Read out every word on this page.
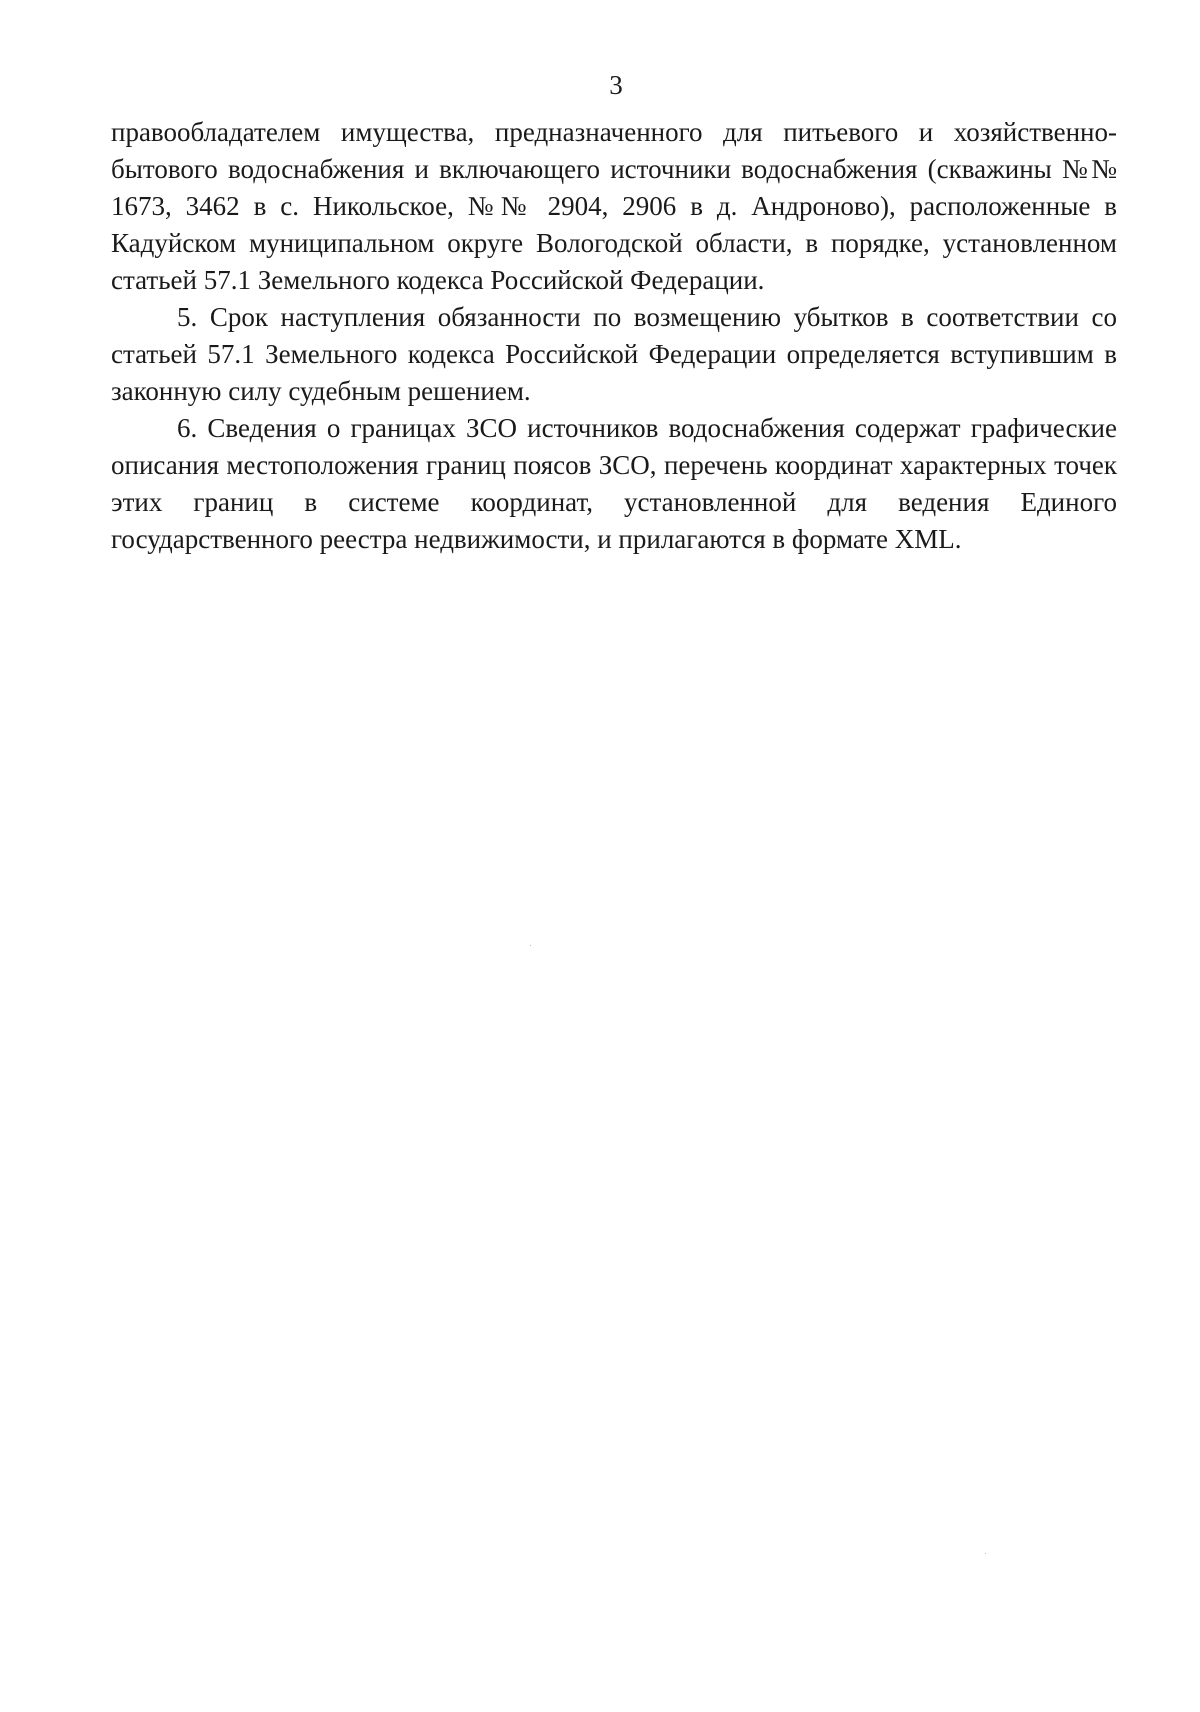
3

правообладателем имущества, предназначенного для питьевого и хозяйственно-бытового водоснабжения и включающего источники водоснабжения (скважины №№ 1673, 3462 в с. Никольское, №№ 2904, 2906 в д. Андроново), расположенные в Кадуйском муниципальном округе Вологодской области, в порядке, установленном статьей 57.1 Земельного кодекса Российской Федерации.

5. Срок наступления обязанности по возмещению убытков в соответствии со статьей 57.1 Земельного кодекса Российской Федерации определяется вступившим в законную силу судебным решением.

6. Сведения о границах ЗСО источников водоснабжения содержат графические описания местоположения границ поясов ЗСО, перечень координат характерных точек этих границ в системе координат, установленной для ведения Единого государственного реестра недвижимости, и прилагаются в формате XML.
